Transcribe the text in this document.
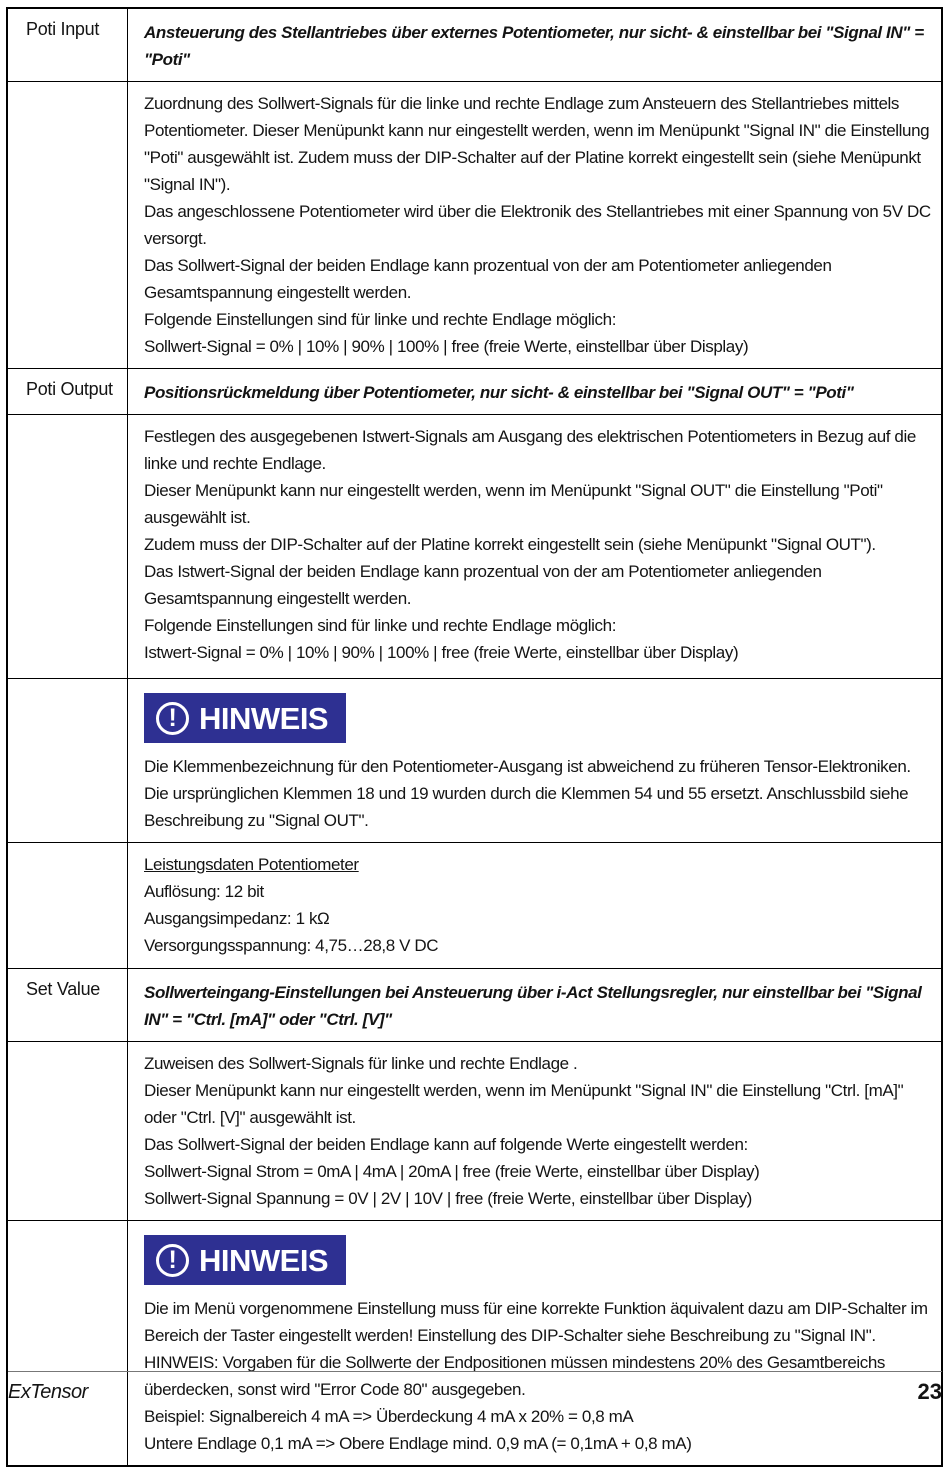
Poti Input	Ansteuerung des Stellantriebes über externes Potentiometer, nur sicht- & einstellbar bei "Signal IN" = "Poti"

Zuordnung des Sollwert-Signals für die linke und rechte Endlage zum Ansteuern des Stellantriebes mittels Potentiometer. Dieser Menüpunkt kann nur eingestellt werden, wenn im Menüpunkt "Signal IN" die Einstellung "Poti" ausgewählt ist. Zudem muss der DIP-Schalter auf der Platine korrekt eingestellt sein (siehe Menüpunkt "Signal IN").

Das angeschlossene Potentiometer wird über die Elektronik des Stellantriebes mit einer Spannung von 5V DC versorgt.

Das Sollwert-Signal der beiden Endlage kann prozentual von der am Potentiometer anliegenden Gesamtspannung eingestellt werden.

Folgende Einstellungen sind für linke und rechte Endlage möglich:

Sollwert-Signal = 0% | 10% | 90% | 100% | free (freie Werte, einstellbar über Display)

Poti Output	Positionsrückmeldung über Potentiometer, nur sicht- & einstellbar bei "Signal OUT" = "Poti"

Festlegen des ausgegebenen Istwert-Signals am Ausgang des elektrischen Potentiometers in Bezug auf die linke und rechte Endlage.

Dieser Menüpunkt kann nur eingestellt werden, wenn im Menüpunkt "Signal OUT" die Einstellung "Poti" ausgewählt ist.

Zudem muss der DIP-Schalter auf der Platine korrekt eingestellt sein (siehe Menüpunkt "Signal OUT").

Das Istwert-Signal der beiden Endlage kann prozentual von der am Potentiometer anliegenden Gesamtspannung eingestellt werden.

Folgende Einstellungen sind für linke und rechte Endlage möglich:

Istwert-Signal = 0% | 10% | 90% | 100% | free (freie Werte, einstellbar über Display)

! HINWEIS

Die Klemmenbezeichnung für den Potentiometer-Ausgang ist abweichend zu früheren Tensor-Elektroniken. Die ursprünglichen Klemmen 18 und 19 wurden durch die Klemmen 54 und 55 ersetzt. Anschlussbild siehe Beschreibung zu "Signal OUT".

Leistungsdaten Potentiometer

Auflösung: 12 bit

Ausgangsimpedanz: 1 kΩ

Versorgungsspannung: 4,75…28,8 V DC

Set Value	Sollwerteingang-Einstellungen bei Ansteuerung über i-Act Stellungsregler, nur einstellbar bei "Signal IN" = "Ctrl. [mA]" oder "Ctrl. [V]"

Zuweisen des Sollwert-Signals für linke und rechte Endlage .

Dieser Menüpunkt kann nur eingestellt werden, wenn im Menüpunkt "Signal IN" die Einstellung "Ctrl. [mA]" oder "Ctrl. [V]" ausgewählt ist.

Das Sollwert-Signal der beiden Endlage kann auf folgende Werte eingestellt werden:

Sollwert-Signal Strom = 0mA | 4mA | 20mA | free (freie Werte, einstellbar über Display)

Sollwert-Signal Spannung = 0V | 2V | 10V | free (freie Werte, einstellbar über Display)

! HINWEIS

Die im Menü vorgenommene Einstellung muss für eine korrekte Funktion äquivalent dazu am DIP-Schalter im Bereich der Taster eingestellt werden! Einstellung des DIP-Schalter siehe Beschreibung zu "Signal IN".

HINWEIS: Vorgaben für die Sollwerte der Endpositionen müssen mindestens 20% des Gesamtbereichs überdecken, sonst wird "Error Code 80" ausgegeben.

Beispiel: Signalbereich 4 mA => Überdeckung 4 mA x 20% = 0,8 mA

Untere Endlage 0,1 mA => Obere Endlage mind. 0,9 mA (= 0,1mA + 0,8 mA)

ExTensor	23
